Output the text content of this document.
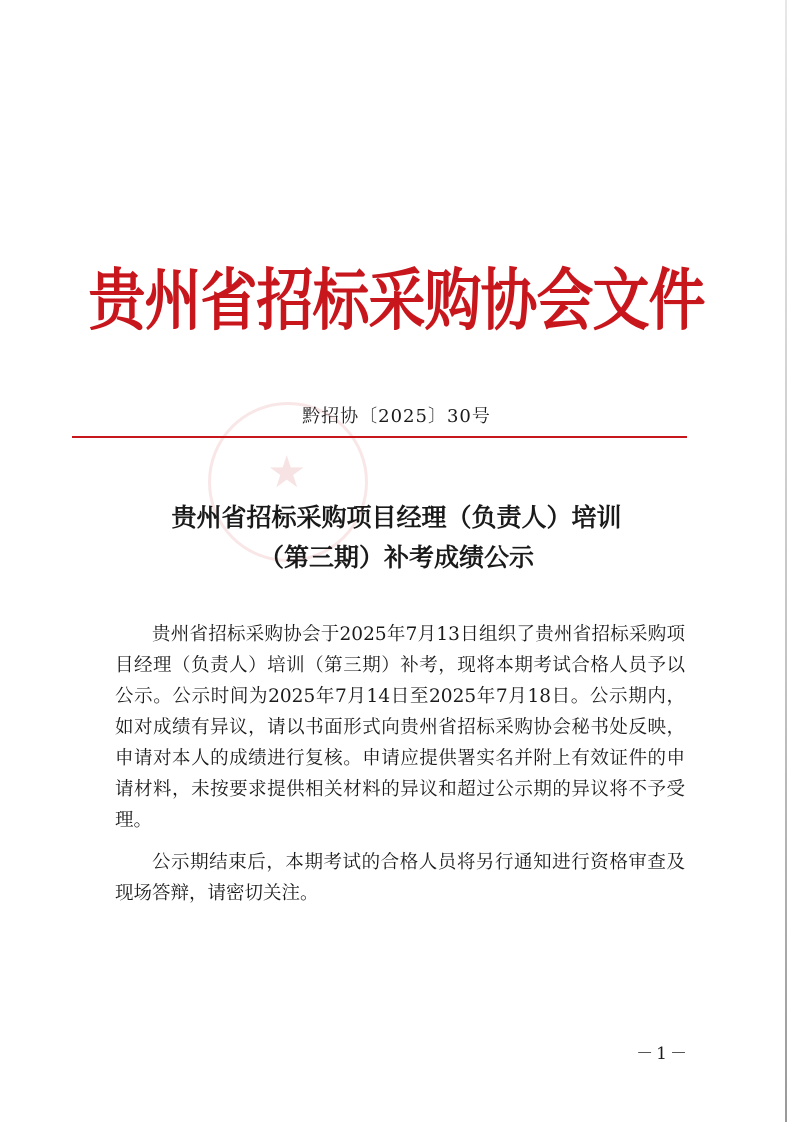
贵州省招标采购协会文件
★
黔招协〔2025〕30号
贵州省招标采购项目经理（负责人）培训
（第三期）补考成绩公示

贵州省招标采购协会于2025年7月13日组织了贵州省招标采购项目经理（负责人）培训（第三期）补考，现将本期考试合格人员予以公示。公示时间为2025年7月14日至2025年7月18日。公示期内，如对成绩有异议，请以书面形式向贵州省招标采购协会秘书处反映，申请对本人的成绩进行复核。申请应提供署实名并附上有效证件的申请材料，未按要求提供相关材料的异议和超过公示期的异议将不予受理。

公示期结束后，本期考试的合格人员将另行通知进行资格审查及现场答辩，请密切关注。

－1－
